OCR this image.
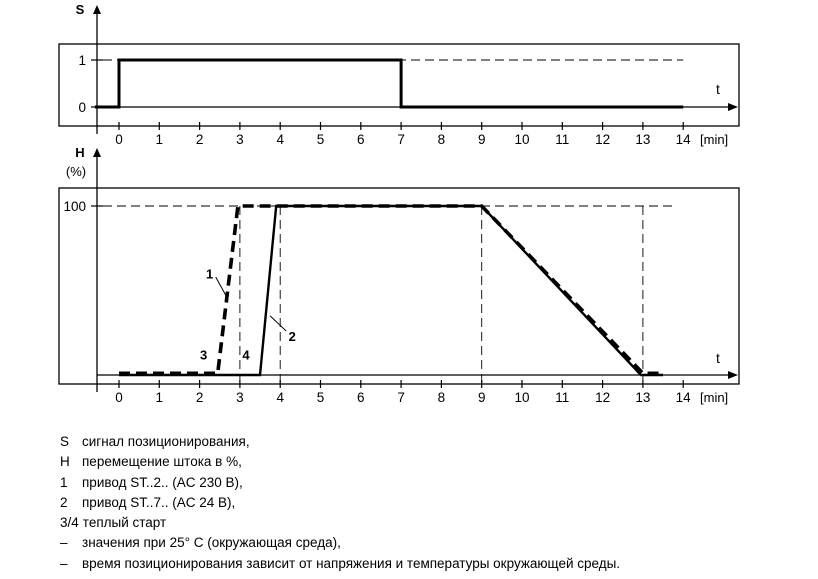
S
t
[min]
0 1 2 3 4 5 6 7 8 9 10 11 12 13 14
0
1
H
(%)
t
[min]
0 1 2 3 4 5 6 7 8 9 10 11 12 13 14
100
1
2
3	4
S сигнал позиционирования,
H перемещение штока в %,
1	привод ST..2.. (AC 230 В),
2	привод ST..7.. (AC 24 В),
3/4 теплый старт
–	значения при 25° C (окружающая среда),
–	время позиционирования зависит от напряжения и температуры окружающей среды.
